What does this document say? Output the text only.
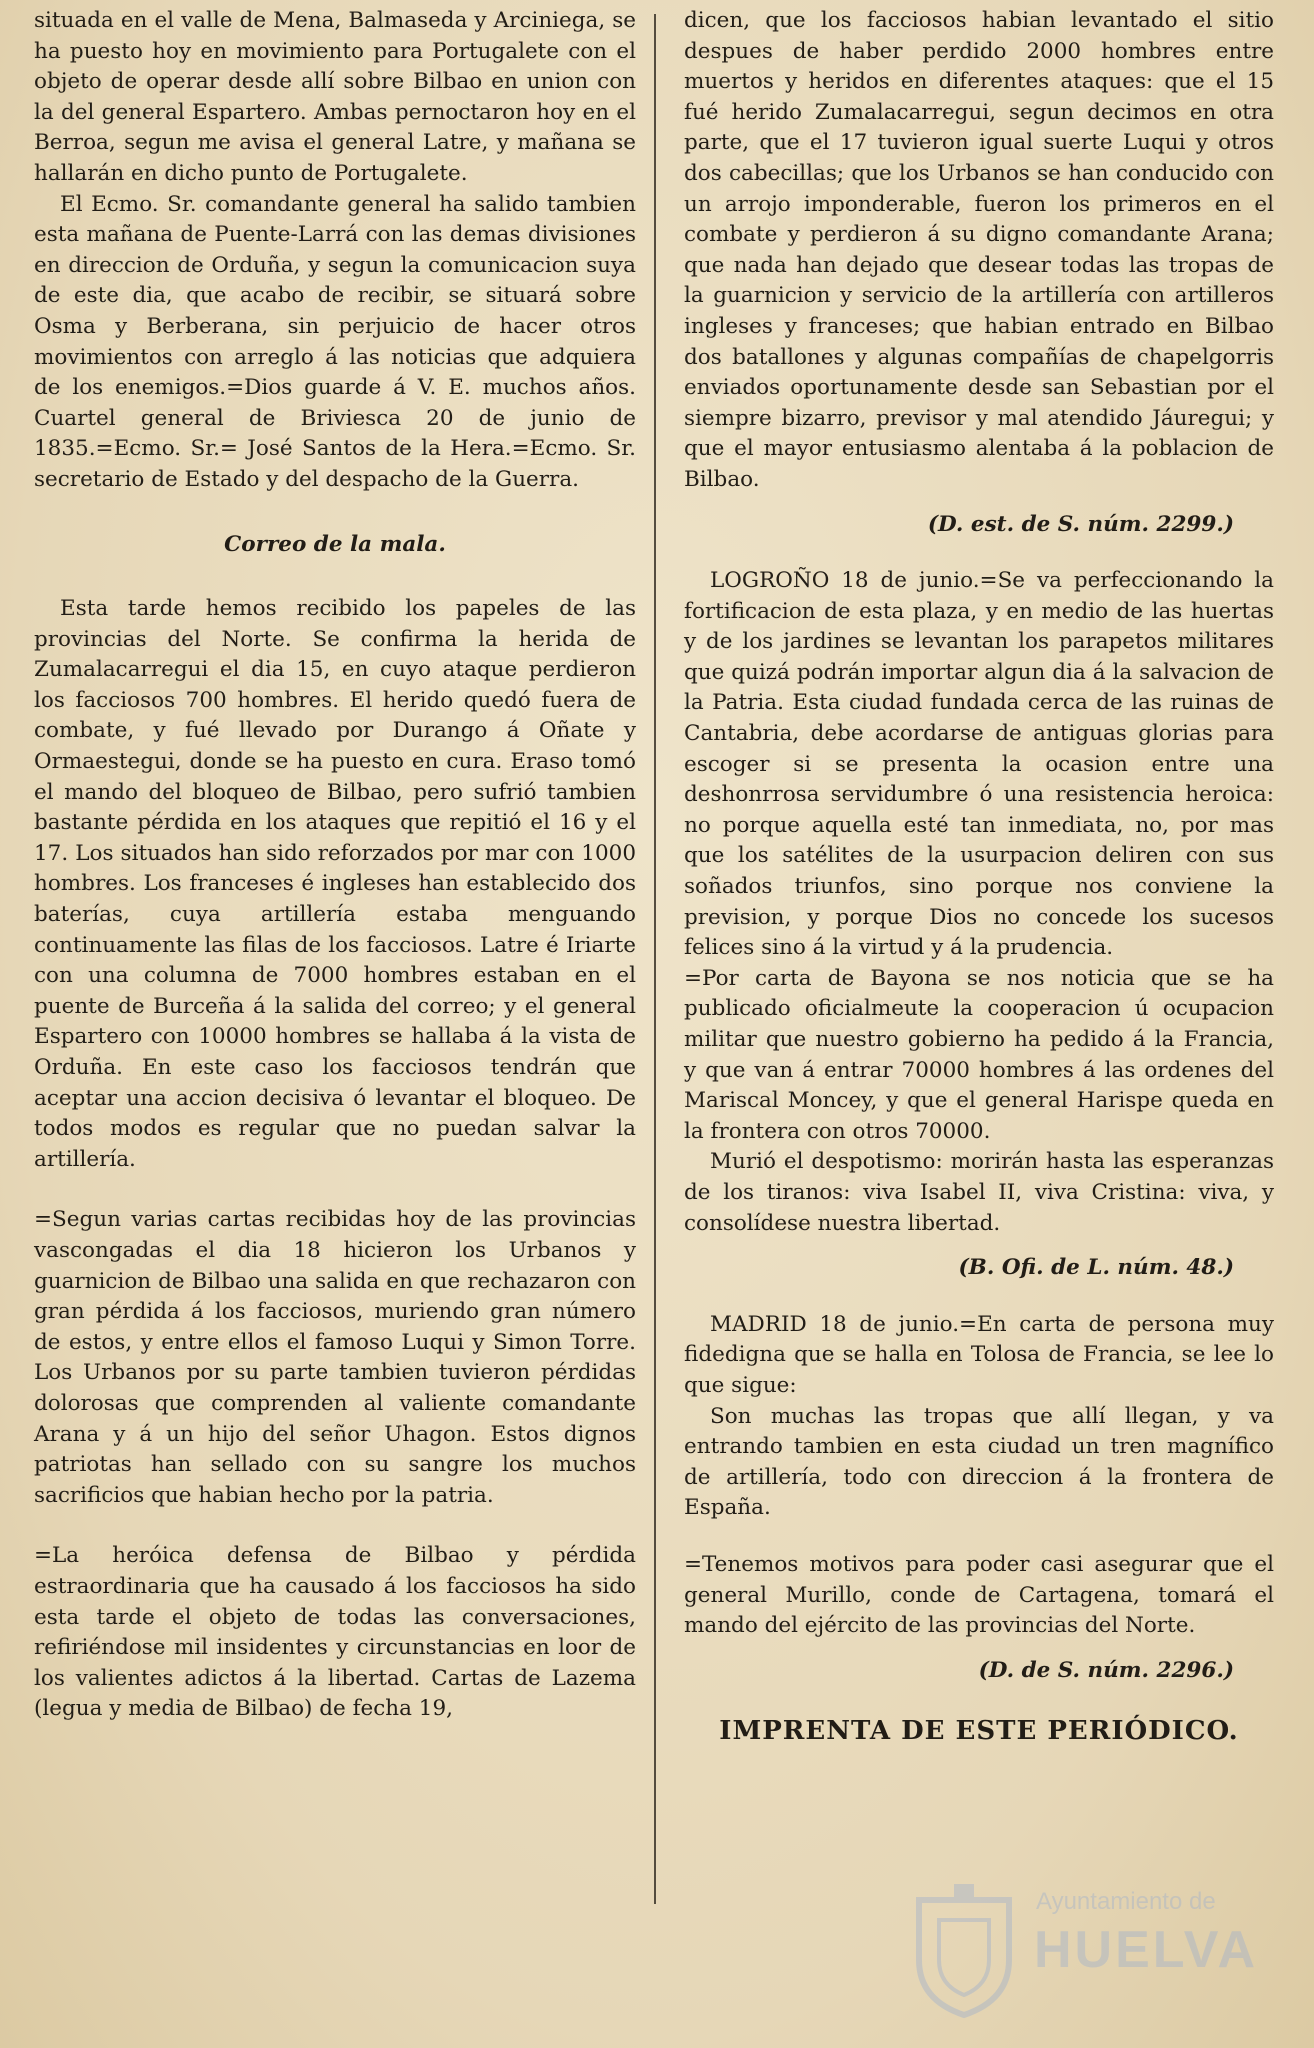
situada en el valle de Mena, Balmaseda y Arciniega, se ha puesto hoy en movimiento para Portugalete con el objeto de operar desde allí sobre Bilbao en union con la del general Espartero. Ambas pernoctaron hoy en el Berroa, segun me avisa el general Latre, y mañana se hallarán en dicho punto de Portugalete.

El Ecmo. Sr. comandante general ha salido tambien esta mañana de Puente-Larrá con las demas divisiones en direccion de Orduña, y segun la comunicacion suya de este dia, que acabo de recibir, se situará sobre Osma y Berberana, sin perjuicio de hacer otros movimientos con arreglo á las noticias que adquiera de los enemigos.=Dios guarde á V. E. muchos años. Cuartel general de Briviesca 20 de junio de 1835.=Ecmo. Sr.= José Santos de la Hera.=Ecmo. Sr. secretario de Estado y del despacho de la Guerra.

Correo de la mala.

Esta tarde hemos recibido los papeles de las provincias del Norte. Se confirma la herida de Zumalacarregui el dia 15, en cuyo ataque perdieron los facciosos 700 hombres. El herido quedó fuera de combate, y fué llevado por Durango á Oñate y Ormaestegui, donde se ha puesto en cura. Eraso tomó el mando del bloqueo de Bilbao, pero sufrió tambien bastante pérdida en los ataques que repitió el 16 y el 17. Los situados han sido reforzados por mar con 1000 hombres. Los franceses é ingleses han establecido dos baterías, cuya artillería estaba menguando continuamente las filas de los facciosos. Latre é Iriarte con una columna de 7000 hombres estaban en el puente de Burceña á la salida del correo; y el general Espartero con 10000 hombres se hallaba á la vista de Orduña. En este caso los facciosos tendrán que aceptar una accion decisiva ó levantar el bloqueo. De todos modos es regular que no puedan salvar la artillería.

=Segun varias cartas recibidas hoy de las provincias vascongadas el dia 18 hicieron los Urbanos y guarnicion de Bilbao una salida en que rechazaron con gran pérdida á los facciosos, muriendo gran número de estos, y entre ellos el famoso Luqui y Simon Torre. Los Urbanos por su parte tambien tuvieron pérdidas dolorosas que comprenden al valiente comandante Arana y á un hijo del señor Uhagon. Estos dignos patriotas han sellado con su sangre los muchos sacrificios que habian hecho por la patria.

=La heróica defensa de Bilbao y pérdida estraordinaria que ha causado á los facciosos ha sido esta tarde el objeto de todas las conversaciones, refiriéndose mil insidentes y circunstancias en loor de los valientes adictos á la libertad. Cartas de Lazema (legua y media de Bilbao) de fecha 19,

dicen, que los facciosos habian levantado el sitio despues de haber perdido 2000 hombres entre muertos y heridos en diferentes ataques: que el 15 fué herido Zumalacarregui, segun decimos en otra parte, que el 17 tuvieron igual suerte Luqui y otros dos cabecillas; que los Urbanos se han conducido con un arrojo imponderable, fueron los primeros en el combate y perdieron á su digno comandante Arana; que nada han dejado que desear todas las tropas de la guarnicion y servicio de la artillería con artilleros ingleses y franceses; que habian entrado en Bilbao dos batallones y algunas compañías de chapelgorris enviados oportunamente desde san Sebastian por el siempre bizarro, previsor y mal atendido Jáuregui; y que el mayor entusiasmo alentaba á la poblacion de Bilbao.

(D. est. de S. núm. 2299.)

LOGROÑO 18 de junio.=Se va perfeccionando la fortificacion de esta plaza, y en medio de las huertas y de los jardines se levantan los parapetos militares que quizá podrán importar algun dia á la salvacion de la Patria. Esta ciudad fundada cerca de las ruinas de Cantabria, debe acordarse de antiguas glorias para escoger si se presenta la ocasion entre una deshonrrosa servidumbre ó una resistencia heroica: no porque aquella esté tan inmediata, no, por mas que los satélites de la usurpacion deliren con sus soñados triunfos, sino porque nos conviene la prevision, y porque Dios no concede los sucesos felices sino á la virtud y á la prudencia.

=Por carta de Bayona se nos noticia que se ha publicado oficialmeute la cooperacion ú ocupacion militar que nuestro gobierno ha pedido á la Francia, y que van á entrar 70000 hombres á las ordenes del Mariscal Moncey, y que el general Harispe queda en la frontera con otros 70000.

Murió el despotismo: morirán hasta las esperanzas de los tiranos: viva Isabel II, viva Cristina: viva, y consolídese nuestra libertad.

(B. Ofi. de L. núm. 48.)

MADRID 18 de junio.=En carta de persona muy fidedigna que se halla en Tolosa de Francia, se lee lo que sigue:

Son muchas las tropas que allí llegan, y va entrando tambien en esta ciudad un tren magnífico de artillería, todo con direccion á la frontera de España.

=Tenemos motivos para poder casi asegurar que el general Murillo, conde de Cartagena, tomará el mando del ejército de las provincias del Norte.

(D. de S. núm. 2296.)

IMPRENTA DE ESTE PERIÓDICO.

Ayuntamiento de
HUELVA
